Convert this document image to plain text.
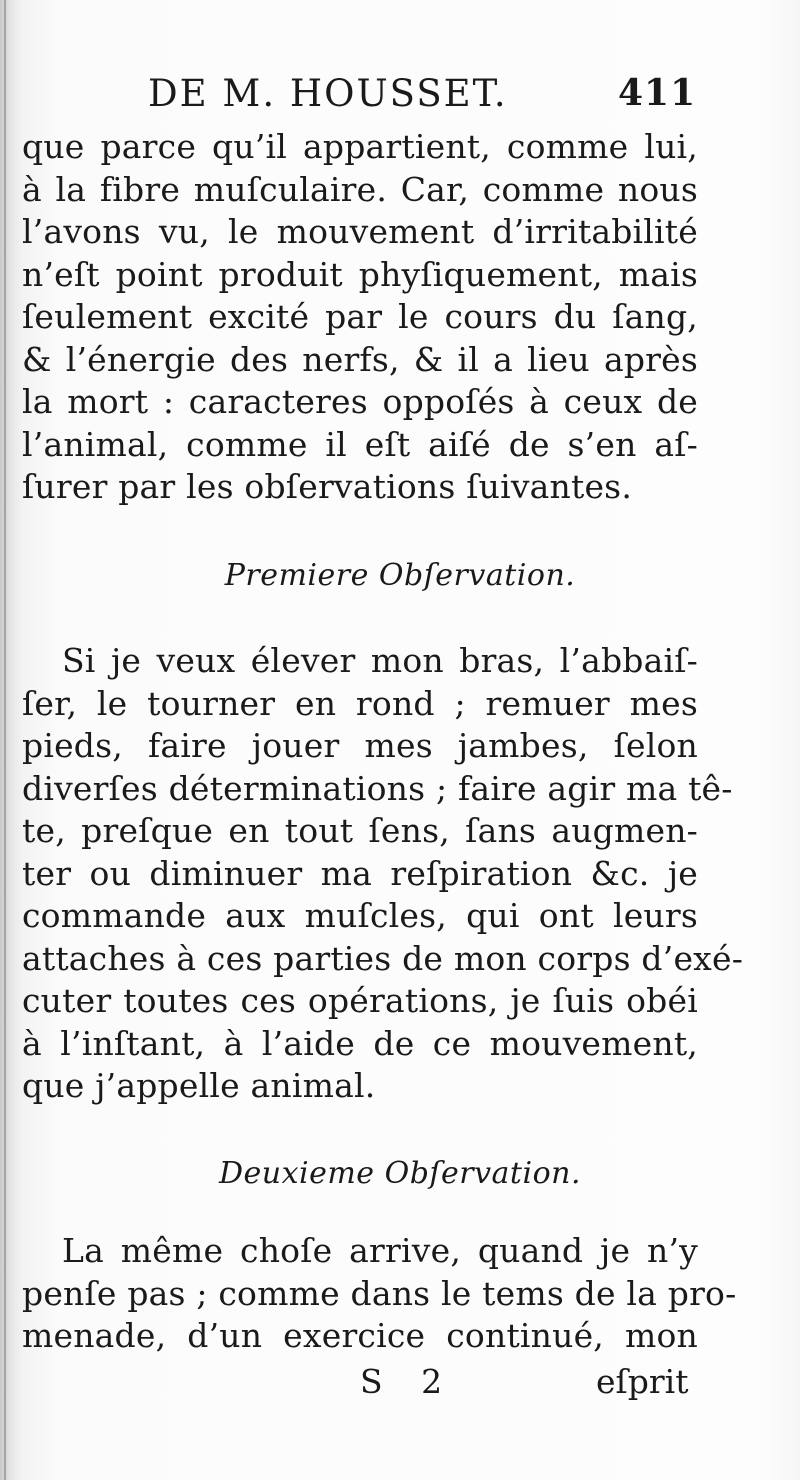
DE M. HOUSSET.	411
que parce qu’il appartient, comme lui,
à la fibre muſculaire. Car, comme nous
l’avons vu, le mouvement d’irritabilité
n’eſt point produit phyſiquement, mais
ſeulement excité par le cours du ſang,
& l’énergie des nerfs, & il a lieu après
la mort : caracteres oppoſés à ceux de
l’animal, comme il eſt aiſé de s’en aſ-
ſurer par les obſervations ſuivantes.
Premiere Obſervation.
Si je veux élever mon bras, l’abbaiſ-
ſer, le tourner en rond ; remuer mes
pieds, faire jouer mes jambes, ſelon
diverſes déterminations ; faire agir ma tê-
te, preſque en tout ſens, ſans augmen-
ter ou diminuer ma reſpiration &c. je
commande aux muſcles, qui ont leurs
attaches à ces parties de mon corps d’exé-
cuter toutes ces opérations, je ſuis obéi
à l’inſtant, à l’aide de ce mouvement,
que j’appelle animal.
Deuxieme Obſervation.
La même choſe arrive, quand je n’y
penſe pas ; comme dans le tems de la pro-
menade, d’un exercice continué, mon
S 2	eſprit
